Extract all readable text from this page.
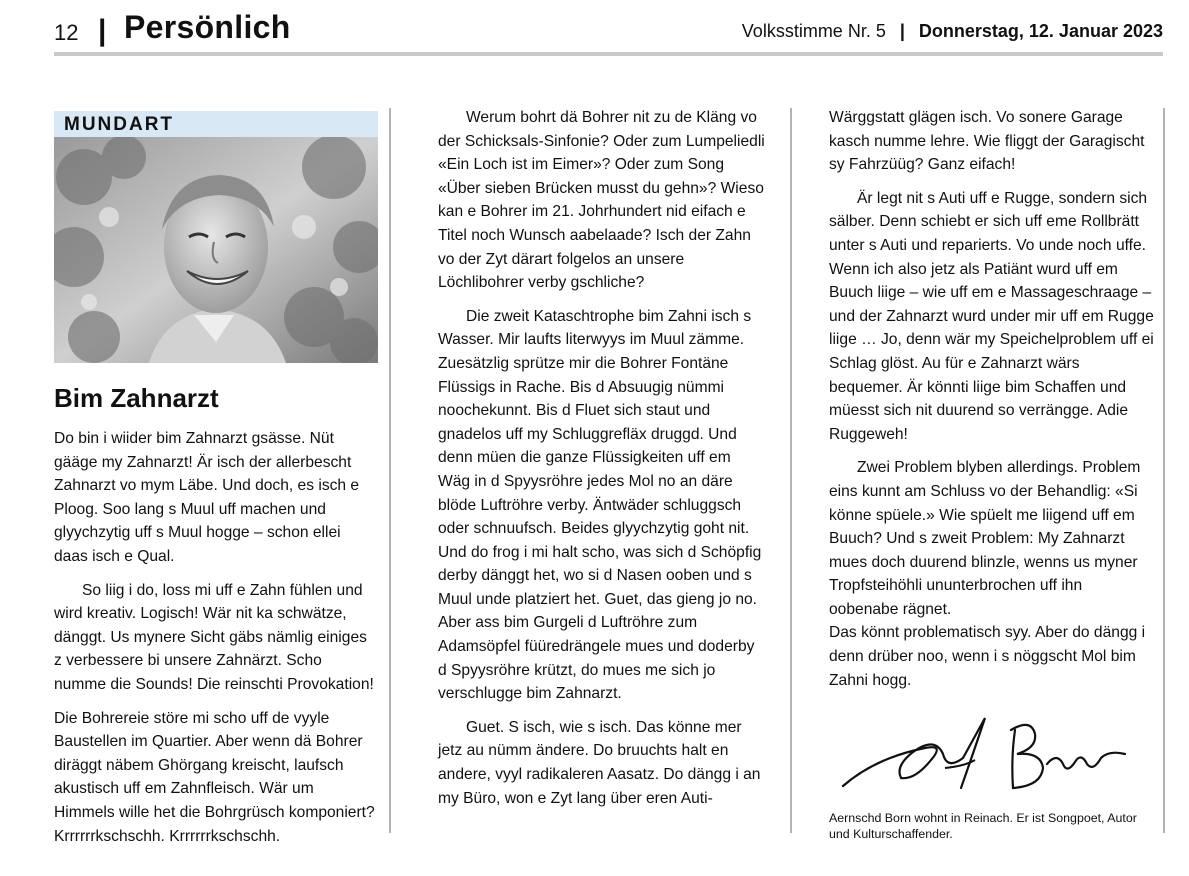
12 | Persönlich	Volksstimme Nr. 5 | Donnerstag, 12. Januar 2023
MUNDART
Bim Zahnarzt

Do bin i wiider bim Zahnarzt gsässe. Nüt gääge my Zahnarzt! Är isch der allerbescht Zahnarzt vo mym Läbe. Und doch, es isch e Ploog. Soo lang s Muul uff machen und glyychzytig uff s Muul hogge – schon ellei daas isch e Qual.

So liig i do, loss mi uff e Zahn fühlen und wird kreativ. Logisch! Wär nit ka schwätze, dänggt. Us mynere Sicht gäbs nämlig einiges z verbessere bi unsere Zahnärzt. Scho numme die Sounds! Die reinschti Provokation!

Die Bohrereie störe mi scho uff de vyyle Baustellen im Quartier. Aber wenn dä Bohrer diräggt näbem Ghörgang kreischt, laufsch akustisch uff em Zahnfleisch. Wär um Himmels wille het die Bohrgrüsch komponiert? Krrrrrrkschschh. Krrrrrrkschschh.

Werum bohrt dä Bohrer nit zu de Kläng vo der Schicksals-Sinfonie? Oder zum Lumpeliedli «Ein Loch ist im Eimer»? Oder zum Song «Über sieben Brücken musst du gehn»? Wieso kan e Bohrer im 21. Johrhundert nid eifach e Titel noch Wunsch aabelaade? Isch der Zahn vo der Zyt därart folgelos an unsere Löchlibohrer verby gschliche?

Die zweit Kataschtrophe bim Zahni isch s Wasser. Mir laufts literwyys im Muul zämme. Zuesätzlig sprütze mir die Bohrer Fontäne Flüssigs in Rache. Bis d Absuugig nümmi noochekunnt. Bis d Fluet sich staut und gnadelos uff my Schluggrefläx druggd. Und denn müen die ganze Flüssigkeiten uff em Wäg in d Spyysröhre jedes Mol no an däre blöde Luftröhre verby. Äntwäder schluggsch oder schnuufsch. Beides glyychzytig goht nit. Und do frog i mi halt scho, was sich d Schöpfig derby dänggt het, wo si d Nasen ooben und s Muul unde platziert het. Guet, das gieng jo no. Aber ass bim Gurgeli d Luftröhre zum Adamsöpfel füüredrängele mues und doderby d Spyysröhre krützt, do mues me sich jo verschlugge bim Zahnarzt.

Guet. S isch, wie s isch. Das könne mer jetz au nümm ändere. Do bruuchts halt en andere, vyyl radikaleren Aasatz. Do dängg i an my Büro, won e Zyt lang über eren Auti-

Wärggstatt glägen isch. Vo sonere Garage kasch numme lehre. Wie fliggt der Garagischt sy Fahrzüüg? Ganz eifach!

Är legt nit s Auti uff e Rugge, sondern sich sälber. Denn schiebt er sich uff eme Rollbrätt unter s Auti und reparierts. Vo unde noch uffe. Wenn ich also jetz als Patiänt wurd uff em Buuch liige – wie uff em e Massageschraage – und der Zahnarzt wurd under mir uff em Rugge liige … Jo, denn wär my Speichelproblem uff ei Schlag glöst. Au für e Zahnarzt wärs bequemer. Är könnti liige bim Schaffen und müesst sich nit duurend so verrängge. Adie Ruggeweh!

Zwei Problem blyben allerdings. Problem eins kunnt am Schluss vo der Behandlig: «Si könne spüele.» Wie spüelt me liigend uff em Buuch? Und s zweit Problem: My Zahnarzt mues doch duurend blinzle, wenns us myner Tropfsteihöhli ununterbrochen uff ihn oobenabe rägnet.

Das könnt problematisch syy. Aber do dängg i denn drüber noo, wenn i s nöggscht Mol bim Zahni hogg.

Aernschd Born wohnt in Reinach. Er ist Songpoet, Autor und Kulturschaffender.
